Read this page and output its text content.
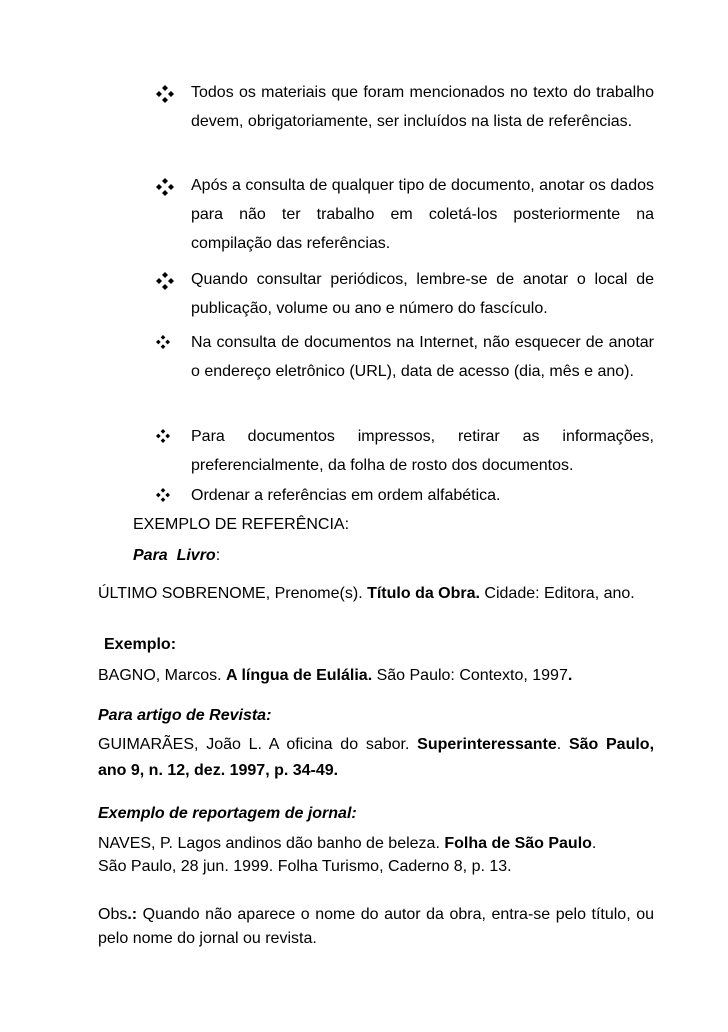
Todos os materiais que foram mencionados no texto do trabalho devem, obrigatoriamente, ser incluídos na lista de referências.
Após a consulta de qualquer tipo de documento, anotar os dados para não ter trabalho em coletá-los posteriormente na compilação das referências.
Quando consultar periódicos, lembre-se de anotar o local de publicação, volume ou ano e número do fascículo.
Na consulta de documentos na Internet, não esquecer de anotar o endereço eletrônico (URL), data de acesso (dia, mês e ano).
Para documentos impressos, retirar as informações, preferencialmente, da folha de rosto dos documentos.
Ordenar a referências em ordem alfabética.
EXEMPLO DE REFERÊNCIA:
Para  Livro:
ÚLTIMO SOBRENOME, Prenome(s). Título da Obra. Cidade: Editora, ano.
Exemplo:
BAGNO, Marcos. A língua de Eulália. São Paulo: Contexto, 1997.
Para artigo de Revista:
GUIMARÃES, João L. A oficina do sabor. Superinteressante. São Paulo, ano 9, n. 12, dez. 1997, p. 34-49.
Exemplo de reportagem de jornal:
NAVES, P. Lagos andinos dão banho de beleza. Folha de São Paulo.
São Paulo, 28 jun. 1999. Folha Turismo, Caderno 8, p. 13.
Obs.: Quando não aparece o nome do autor da obra, entra-se pelo título, ou pelo nome do jornal ou revista.
